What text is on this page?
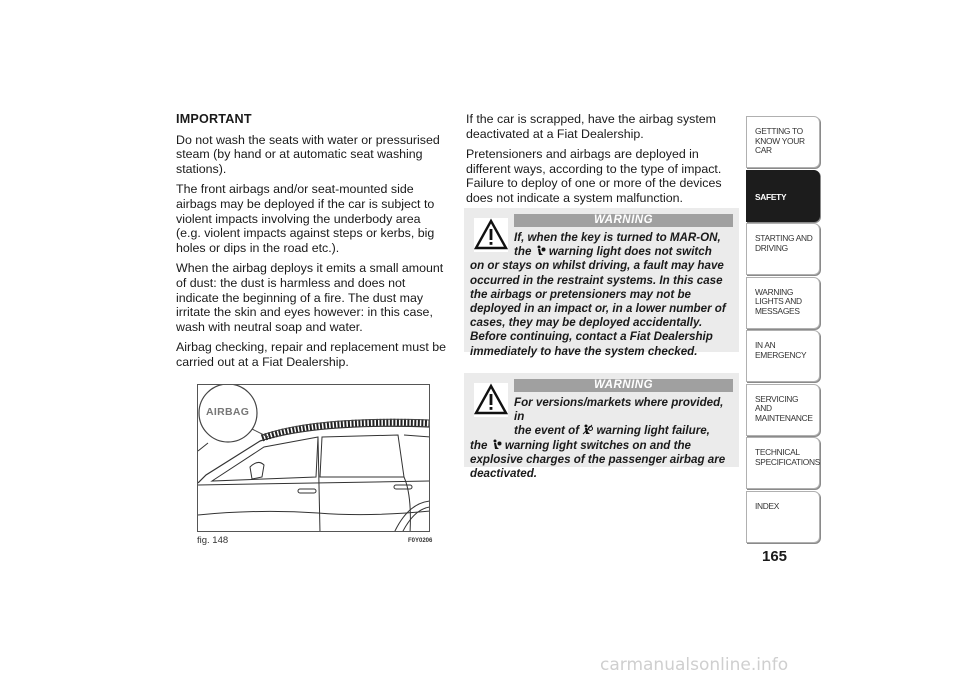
IMPORTANT

Do not wash the seats with water or pressurised steam (by hand or at automatic seat washing stations).

The front airbags and/or seat-mounted side airbags may be deployed if the car is subject to violent impacts involving the underbody area (e.g. violent impacts against steps or kerbs, big holes or dips in the road etc.).

When the airbag deploys it emits a small amount of dust: the dust is harmless and does not indicate the beginning of a fire. The dust may irritate the skin and eyes however: in this case, wash with neutral soap and water.

Airbag checking, repair and replacement must be carried out at a Fiat Dealership.

AIRBAG
fig. 148	F0Y0206

If the car is scrapped, have the airbag system deactivated at a Fiat Dealership.

Pretensioners and airbags are deployed in different ways, according to the type of impact. Failure to deploy of one or more of the devices does not indicate a system malfunction.

WARNING
If, when the key is turned to MAR-ON,
the  warning light does not switch
on or stays on whilst driving, a fault may have occurred in the restraint systems. In this case the airbags or pretensioners may not be deployed in an impact or, in a lower number of cases, they may be deployed accidentally. Before continuing, contact a Fiat Dealership immediately to have the system checked.
WARNING
For versions/markets where provided, in
the event of  warning light failure,
the  warning light switches on and the
explosive charges of the passenger airbag are deactivated.
GETTING TO KNOW YOUR CAR
SAFETY
STARTING AND DRIVING
WARNING LIGHTS AND MESSAGES
IN AN EMERGENCY
SERVICING AND MAINTENANCE
TECHNICAL SPECIFICATIONS
INDEX
165
carmanualsonline.info
